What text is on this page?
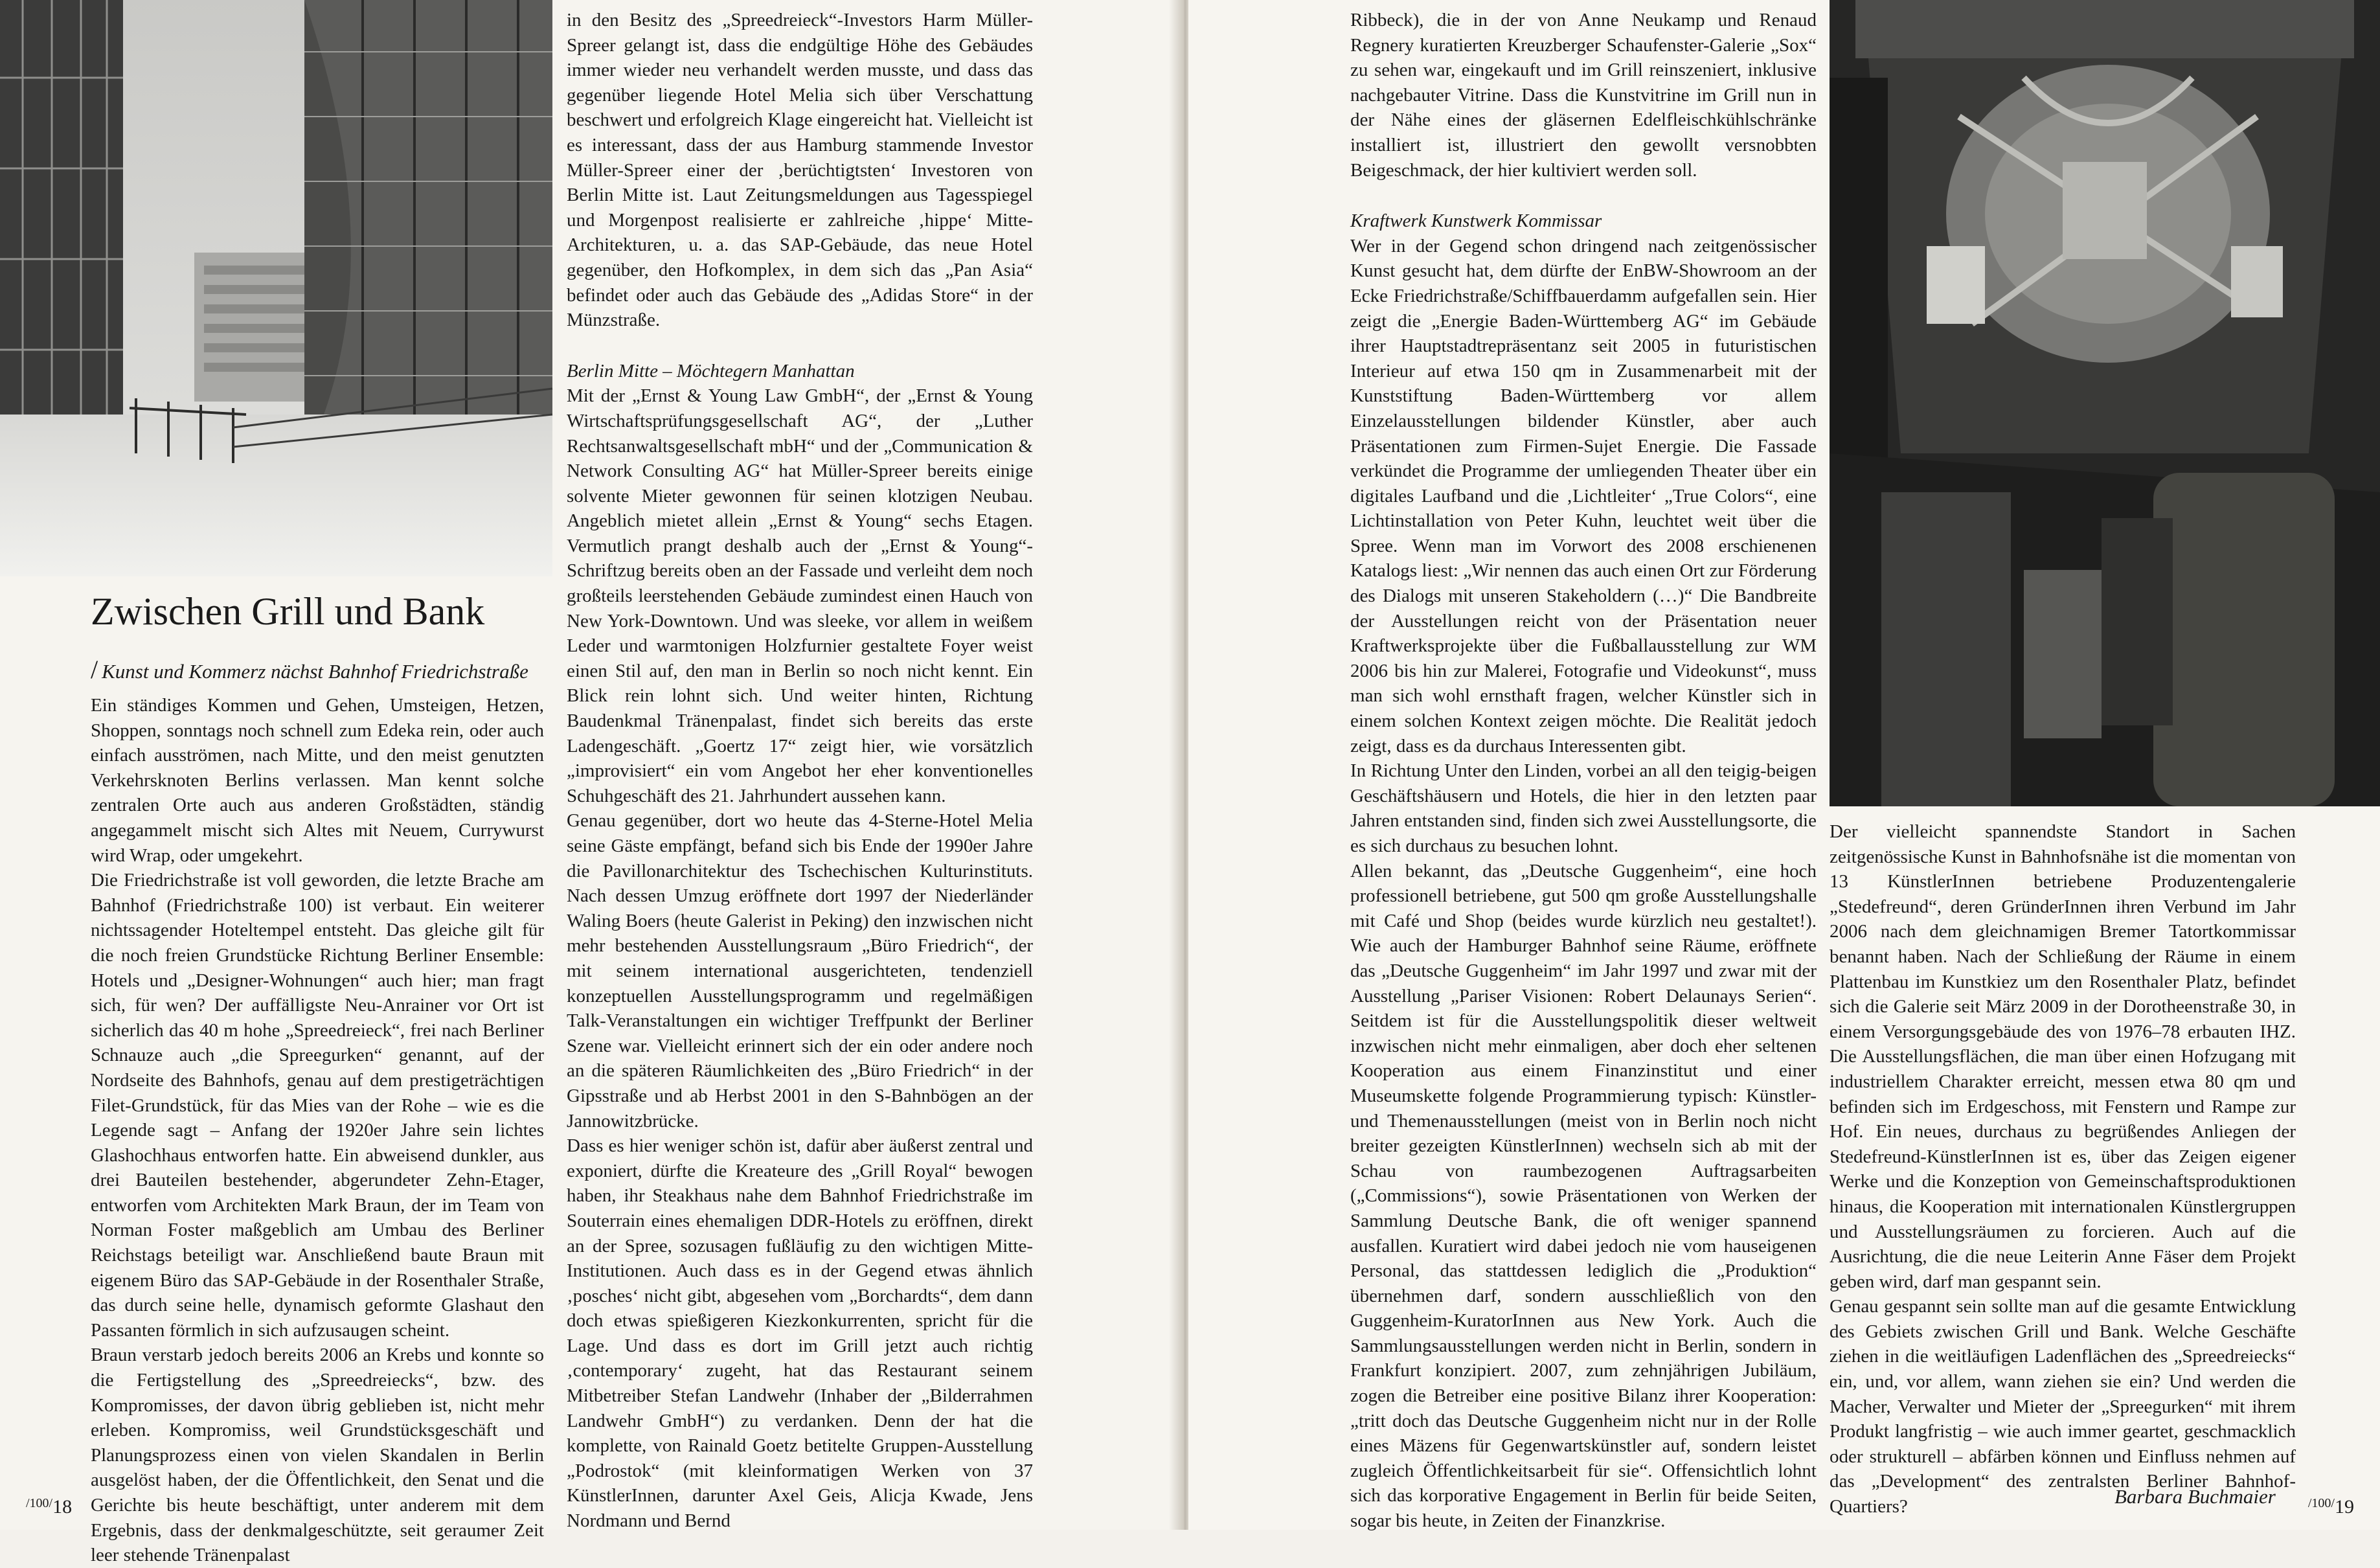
Zwischen Grill und Bank
/ Kunst und Kommerz nächst Bahnhof Friedrichstraße

Ein ständiges Kommen und Gehen, Umsteigen, Hetzen, Shoppen, sonntags noch schnell zum Edeka rein, oder auch einfach ausströmen, nach Mitte, und den meist genutzten Verkehrsknoten Berlins verlassen. Man kennt solche zentralen Orte auch aus anderen Großstädten, ständig angegammelt mischt sich Altes mit Neuem, Currywurst wird Wrap, oder umgekehrt.

Die Friedrichstraße ist voll geworden, die letzte Brache am Bahnhof (Friedrichstraße 100) ist verbaut. Ein weiterer nichtssagender Hoteltempel entsteht. Das gleiche gilt für die noch freien Grundstücke Richtung Berliner Ensemble: Hotels und „Designer-Wohnungen“ auch hier; man fragt sich, für wen? Der auffälligste Neu-Anrainer vor Ort ist sicherlich das 40 m hohe „Spreedreieck“, frei nach Berliner Schnauze auch „die Spreegurken“ genannt, auf der Nordseite des Bahnhofs, genau auf dem prestigeträchtigen Filet-Grundstück, für das Mies van der Rohe – wie es die Legende sagt – Anfang der 1920er Jahre sein lichtes Glashochhaus entworfen hatte. Ein abweisend dunkler, aus drei Bauteilen bestehender, abgerundeter Zehn-Etager, entworfen vom Architekten Mark Braun, der im Team von Norman Foster maßgeblich am Umbau des Berliner Reichstags beteiligt war. Anschließend baute Braun mit eigenem Büro das SAP-Gebäude in der Rosenthaler Straße, das durch seine helle, dynamisch geformte Glashaut den Passanten förmlich in sich aufzusaugen scheint.

Braun verstarb jedoch bereits 2006 an Krebs und konnte so die Fertigstellung des „Spreedreiecks“, bzw. des Kompromisses, der davon übrig geblieben ist, nicht mehr erleben. Kompromiss, weil Grundstücksgeschäft und Planungsprozess einen von vielen Skandalen in Berlin ausgelöst haben, der die Öffentlichkeit, den Senat und die Gerichte bis heute beschäftigt, unter anderem mit dem Ergebnis, dass der denkmalgeschützte, seit geraumer Zeit leer stehende Tränenpalast

in den Besitz des „Spreedreieck“-Investors Harm Müller-Spreer gelangt ist, dass die endgültige Höhe des Gebäudes immer wieder neu verhandelt werden musste, und dass das gegenüber liegende Hotel Melia sich über Verschattung beschwert und erfolgreich Klage eingereicht hat. Vielleicht ist es interessant, dass der aus Hamburg stammende Investor Müller-Spreer einer der ‚berüchtigtsten‘ Investoren von Berlin Mitte ist. Laut Zeitungsmeldungen aus Tagesspiegel und Morgenpost realisierte er zahlreiche ‚hippe‘ Mitte-Architekturen, u. a. das SAP-Gebäude, das neue Hotel gegenüber, den Hofkomplex, in dem sich das „Pan Asia“ befindet oder auch das Gebäude des „Adidas Store“ in der Münzstraße.

Berlin Mitte – Möchtegern Manhattan

Mit der „Ernst & Young Law GmbH“, der „Ernst & Young Wirtschaftsprüfungsgesellschaft AG“, der „Luther Rechtsanwaltsgesellschaft mbH“ und der „Communication & Network Consulting AG“ hat Müller-Spreer bereits einige solvente Mieter gewonnen für seinen klotzigen Neubau. Angeblich mietet allein „Ernst & Young“ sechs Etagen. Vermutlich prangt deshalb auch der „Ernst & Young“-Schriftzug bereits oben an der Fassade und verleiht dem noch großteils leerstehenden Gebäude zumindest einen Hauch von New York-Downtown. Und was sleeke, vor allem in weißem Leder und warmtonigen Holzfurnier gestaltete Foyer weist einen Stil auf, den man in Berlin so noch nicht kennt. Ein Blick rein lohnt sich. Und weiter hinten, Richtung Baudenkmal Tränenpalast, findet sich bereits das erste Ladengeschäft. „Goertz 17“ zeigt hier, wie vorsätzlich „improvisiert“ ein vom Angebot her eher konventionelles Schuhgeschäft des 21. Jahrhundert aussehen kann.

Genau gegenüber, dort wo heute das 4-Sterne-Hotel Melia seine Gäste empfängt, befand sich bis Ende der 1990er Jahre die Pavillonarchitektur des Tschechischen Kulturinstituts. Nach dessen Umzug eröffnete dort 1997 der Niederländer Waling Boers (heute Galerist in Peking) den inzwischen nicht mehr bestehenden Ausstellungsraum „Büro Friedrich“, der mit seinem international ausgerichteten, tendenziell konzeptuellen Ausstellungsprogramm und regelmäßigen Talk-Veranstaltungen ein wichtiger Treffpunkt der Berliner Szene war. Vielleicht erinnert sich der ein oder andere noch an die späteren Räumlichkeiten des „Büro Friedrich“ in der Gipsstraße und ab Herbst 2001 in den S-Bahnbögen an der Jannowitzbrücke.

Dass es hier weniger schön ist, dafür aber äußerst zentral und exponiert, dürfte die Kreateure des „Grill Royal“ bewogen haben, ihr Steakhaus nahe dem Bahnhof Friedrichstraße im Souterrain eines ehemaligen DDR-Hotels zu eröffnen, direkt an der Spree, sozusagen fußläufig zu den wichtigen Mitte-Institutionen. Auch dass es in der Gegend etwas ähnlich ‚posches‘ nicht gibt, abgesehen vom „Borchardts“, dem dann doch etwas spießigeren Kiezkonkurrenten, spricht für die Lage. Und dass es dort im Grill jetzt auch richtig ‚contemporary‘ zugeht, hat das Restaurant seinem Mitbetreiber Stefan Landwehr (Inhaber der „Bilderrahmen Landwehr GmbH“) zu verdanken. Denn der hat die komplette, von Rainald Goetz betitelte Gruppen-Ausstellung „Podrostok“ (mit kleinformatigen Werken von 37 KünstlerInnen, darunter Axel Geis, Alicja Kwade, Jens Nordmann und Bernd

$^{/100/}$18

Ribbeck), die in der von Anne Neukamp und Renaud Regnery kuratierten Kreuzberger Schaufenster-Galerie „Sox“ zu sehen war, eingekauft und im Grill reinszeniert, inklusive nachgebauter Vitrine. Dass die Kunstvitrine im Grill nun in der Nähe eines der gläsernen Edelfleischkühlschränke installiert ist, illustriert den gewollt versnobbten Beigeschmack, der hier kultiviert werden soll.

Kraftwerk Kunstwerk Kommissar

Wer in der Gegend schon dringend nach zeitgenössischer Kunst gesucht hat, dem dürfte der EnBW-Showroom an der Ecke Friedrichstraße/Schiffbauerdamm aufgefallen sein. Hier zeigt die „Energie Baden-Württemberg AG“ im Gebäude ihrer Hauptstadtrepräsentanz seit 2005 in futuristischen Interieur auf etwa 150 qm in Zusammenarbeit mit der Kunststiftung Baden-Württemberg vor allem Einzelausstellungen bildender Künstler, aber auch Präsentationen zum Firmen-Sujet Energie. Die Fassade verkündet die Programme der umliegenden Theater über ein digitales Laufband und die ‚Lichtleiter‘ „True Colors“, eine Lichtinstallation von Peter Kuhn, leuchtet weit über die Spree. Wenn man im Vorwort des 2008 erschienenen Katalogs liest: „Wir nennen das auch einen Ort zur Förderung des Dialogs mit unseren Stakeholdern (…)“ Die Bandbreite der Ausstellungen reicht von der Präsentation neuer Kraftwerksprojekte über die Fußballausstellung zur WM 2006 bis hin zur Malerei, Fotografie und Videokunst“, muss man sich wohl ernsthaft fragen, welcher Künstler sich in einem solchen Kontext zeigen möchte. Die Realität jedoch zeigt, dass es da durchaus Interessenten gibt.

In Richtung Unter den Linden, vorbei an all den teigig-beigen Geschäftshäusern und Hotels, die hier in den letzten paar Jahren entstanden sind, finden sich zwei Ausstellungsorte, die es sich durchaus zu besuchen lohnt.

Allen bekannt, das „Deutsche Guggenheim“, eine hoch professionell betriebene, gut 500 qm große Ausstellungshalle mit Café und Shop (beides wurde kürzlich neu gestaltet!). Wie auch der Hamburger Bahnhof seine Räume, eröffnete das „Deutsche Guggenheim“ im Jahr 1997 und zwar mit der Ausstellung „Pariser Visionen: Robert Delaunays Serien“. Seitdem ist für die Ausstellungspolitik dieser weltweit inzwischen nicht mehr einmaligen, aber doch eher seltenen Kooperation aus einem Finanzinstitut und einer Museumskette folgende Programmierung typisch: Künstler- und Themenausstellungen (meist von in Berlin noch nicht breiter gezeigten KünstlerInnen) wechseln sich ab mit der Schau von raumbezogenen Auftragsarbeiten („Commissions“), sowie Präsentationen von Werken der Sammlung Deutsche Bank, die oft weniger spannend ausfallen. Kuratiert wird dabei jedoch nie vom hauseigenen Personal, das stattdessen lediglich die „Produktion“ übernehmen darf, sondern ausschließlich von den Guggenheim-KuratorInnen aus New York. Auch die Sammlungsausstellungen werden nicht in Berlin, sondern in Frankfurt konzipiert. 2007, zum zehnjährigen Jubiläum, zogen die Betreiber eine positive Bilanz ihrer Kooperation: „tritt doch das Deutsche Guggenheim nicht nur in der Rolle eines Mäzens für Gegenwartskünstler auf, sondern leistet zugleich Öffentlichkeitsarbeit für sie“. Offensichtlich lohnt sich das korporative Engagement in Berlin für beide Seiten, sogar bis heute, in Zeiten der Finanzkrise.

Der vielleicht spannendste Standort in Sachen zeitgenössische Kunst in Bahnhofsnähe ist die momentan von 13 KünstlerInnen betriebene Produzentengalerie „Stedefreund“, deren GründerInnen ihren Verbund im Jahr 2006 nach dem gleichnamigen Bremer Tatortkommissar benannt haben. Nach der Schließung der Räume in einem Plattenbau im Kunstkiez um den Rosenthaler Platz, befindet sich die Galerie seit März 2009 in der Dorotheenstraße 30, in einem Versorgungsgebäude des von 1976–78 erbauten IHZ. Die Ausstellungsflächen, die man über einen Hofzugang mit industriellem Charakter erreicht, messen etwa 80 qm und befinden sich im Erdgeschoss, mit Fenstern und Rampe zur Hof. Ein neues, durchaus zu begrüßendes Anliegen der Stedefreund-KünstlerInnen ist es, über das Zeigen eigener Werke und die Konzeption von Gemeinschaftsproduktionen hinaus, die Kooperation mit internationalen Künstlergruppen und Ausstellungsräumen zu forcieren. Auch auf die Ausrichtung, die die neue Leiterin Anne Fäser dem Projekt geben wird, darf man gespannt sein.

Genau gespannt sein sollte man auf die gesamte Entwicklung des Gebiets zwischen Grill und Bank. Welche Geschäfte ziehen in die weitläufigen Ladenflächen des „Spreedreiecks“ ein, und, vor allem, wann ziehen sie ein? Und werden die Macher, Verwalter und Mieter der „Spreegurken“ mit ihrem Produkt langfristig – wie auch immer geartet, geschmacklich oder strukturell – abfärben können und Einfluss nehmen auf das „Development“ des zentralsten Berliner Bahnhof-Quartiers?	Barbara Buchmaier	$^{/100/}$19
